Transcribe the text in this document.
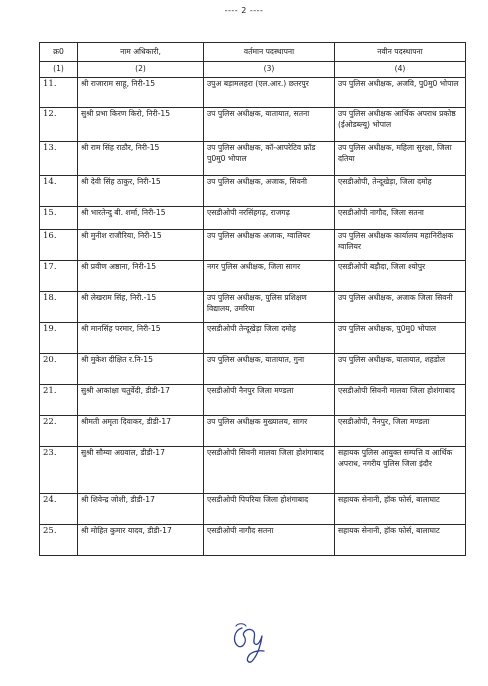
---- 2 ----
क्र0	नाम अधिकारी,	वर्तमान पदस्थापना	नवीन पदस्थापना
(1)	(2)	(3)	(4)
11.	श्री राजाराम साहू, निरी-15	उपुअ बड़ामलहरा (एल.आर.) छतरपुर	उप पुलिस अधीक्षक, अजवि, पु0मु0 भोपाल
12.	सुश्री प्रभा किरण किरो, निरी-15	उप पुलिस अधीक्षक, यातायात, सतना	उप पुलिस अधीक्षक आर्थिक अपराध प्रकोष्ठ (ईओडब्ल्यू) भोपाल
13.	श्री राम सिंह राठौर, निरी-15	उप पुलिस अधीक्षक, कॉ-आपरेटिव फ्रॉड पु0मु0 भोपाल	उप पुलिस अधीक्षक, महिला सुरक्षा, जिला दतिया
14.	श्री देवी सिंह ठाकुर, निरी-15	उप पुलिस अधीक्षक, अजाक, सिवनी	एसडीओपी, तेन्दूखेड़ा, जिला दमोह
15.	श्री भारतेन्दु बी. शर्मा, निरी-15	एसडीओपी नरसिंहगढ़, राजगढ़	एसडीओपी नागौद, जिला सतना
16.	श्री मुनीश राजौरिया, निरी-15	उप पुलिस अधीक्षक अजाक, ग्वालियर	उप पुलिस अधीक्षक कार्यालय महानिरीक्षक ग्वालियर
17.	श्री प्रवीण अष्ठाना, निरी-15	नगर पुलिस अधीक्षक, जिला सागर	एसडीओपी बड़ौदा, जिला श्योपुर
18.	श्री लेखराम सिंह, निरी.-15	उप पुलिस अधीक्षक, पुलिस प्रशिक्षण विद्यालय, उमरिया	उप पुलिस अधीक्षक, अजाक जिला सिवनी
19.	श्री मानसिंह परमार, निरी-15	एसडीओपी तेन्दूखेड़ा जिला दमोह	उप पुलिस अधीक्षक, पु0मु0 भोपाल
20.	श्री मुकेश दीक्षित र.नि-15	उप पुलिस अधीक्षक, यातायात, गुना	उप पुलिस अधीक्षक, यातायात, शहडोल
21.	सुश्री आकांक्षा चतुर्वेदी, डीडी-17	एसडीओपी नैनपुर जिला मण्डला	एसडीओपी सिवनी मालवा जिला होशंगाबाद
22.	श्रीमती अमृता दिवाकर, डीडी-17	उप पुलिस अधीक्षक मुख्यालय, सागर	एसडीओपी, नैनपुर, जिला मण्डला
23.	सुश्री सौम्या अग्रवाल, डीडी-17	एसडीओपी सिवनी मालवा जिला होशंगाबाद	सहायक पुलिस आयुक्त सम्पत्ति व आर्थिक अपराध, नगरीय पुलिस जिला इंदौर
24.	श्री शिवेन्द्र जोशी, डीडी-17	एसडीओपी पिपरिया जिला होशंगाबाद	सहायक सेनानी, हॉक फोर्स, बालाघाट
25.	श्री मोहित कुमार यादव, डीडी-17	एसडीओपी नागौद सतना	सहायक सेनानी, हॉक फोर्स, बालाघाट
